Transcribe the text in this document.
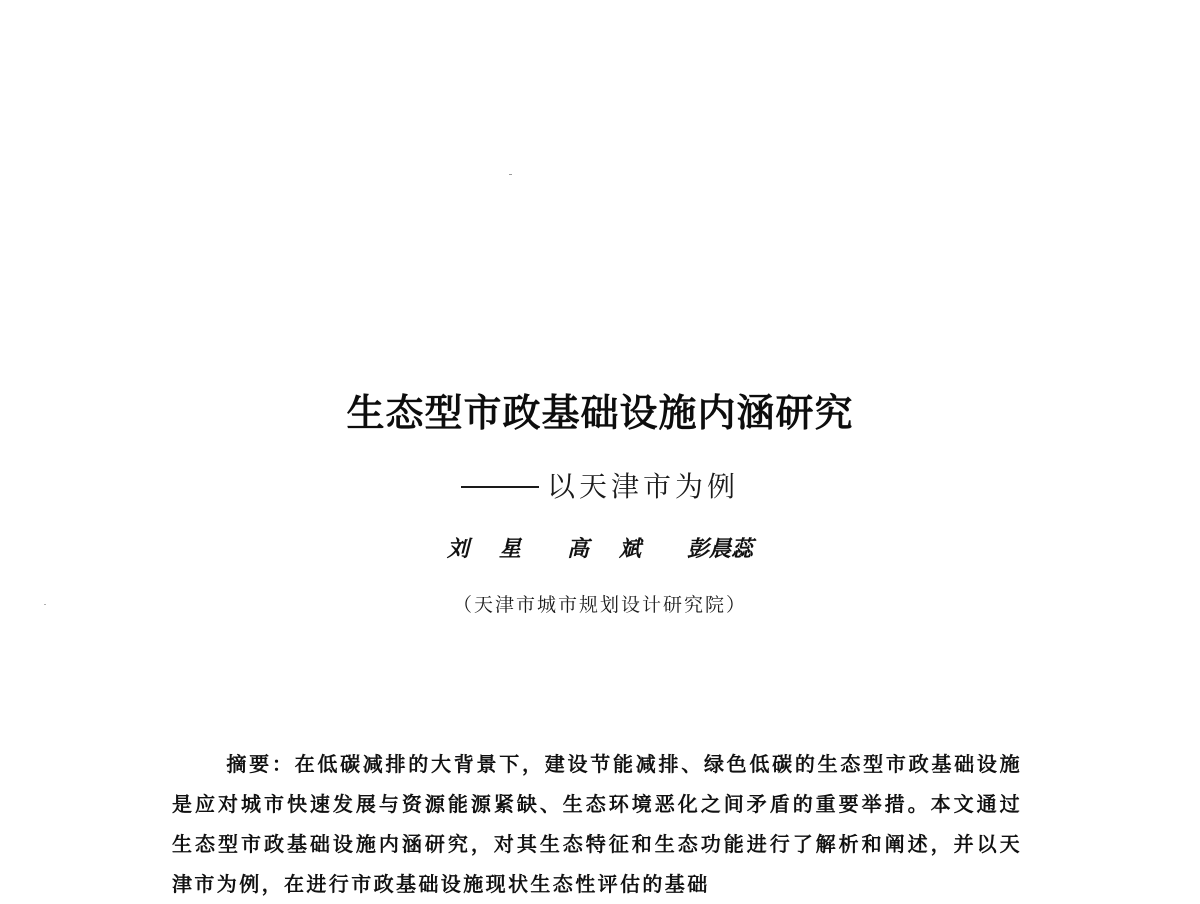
生态型市政基础设施内涵研究
以天津市为例
刘 星 高 斌 彭晨蕊
（天津市城市规划设计研究院）

摘要：在低碳减排的大背景下，建设节能减排、绿色低碳的生态型市政基础设施是应对城市快速发展与资源能源紧缺、生态环境恶化之间矛盾的重要举措。本文通过生态型市政基础设施内涵研究，对其生态特征和生态功能进行了解析和阐述，并以天津市为例，在进行市政基础设施现状生态性评估的基础
